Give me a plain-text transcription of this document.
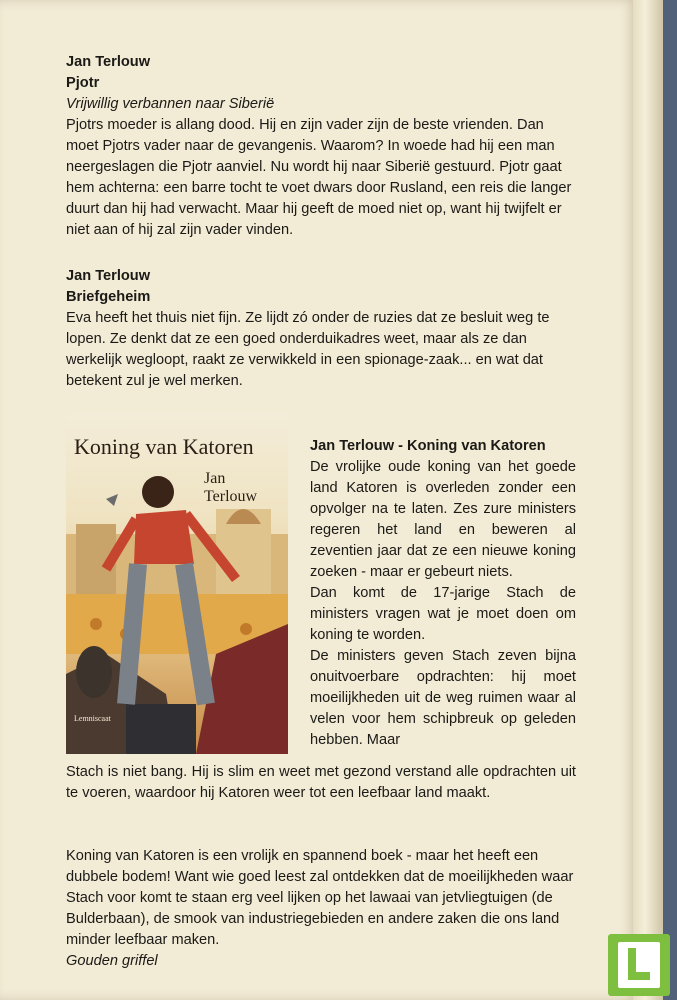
Jan Terlouw
Pjotr
Vrijwillig verbannen naar Siberië

Pjotrs moeder is allang dood. Hij en zijn vader zijn de beste vrienden. Dan moet Pjotrs vader naar de gevangenis. Waarom? In woede had hij een man neergeslagen die Pjotr aanviel. Nu wordt hij naar Siberië gestuurd. Pjotr gaat hem achterna: een barre tocht te voet dwars door Rusland, een reis die langer duurt dan hij had verwacht. Maar hij geeft de moed niet op, want hij twijfelt er niet aan of hij zal zijn vader vinden.

Jan Terlouw
Briefgeheim

Eva heeft het thuis niet fijn. Ze lijdt zó onder de ruzies dat ze besluit weg te lopen. Ze denkt dat ze een goed onderduikadres weet, maar als ze dan werkelijk wegloopt, raakt ze verwikkeld in een spionage-zaak... en wat dat betekent zul je wel merken.

Koning van Katoren
Jan
Terlouw
Lemniscaat
Jan Terlouw - Koning van Katoren

De vrolijke oude koning van het goede land Katoren is overleden zonder een opvolger na te laten. Zes zure ministers regeren het land en beweren al zeventien jaar dat ze een nieuwe koning zoeken - maar er gebeurt niets.

Dan komt de 17-jarige Stach de ministers vragen wat je moet doen om koning te worden.

De ministers geven Stach zeven bijna onuitvoerbare opdrachten: hij moet moeilijkheden uit de weg ruimen waar al velen voor hem schipbreuk op geleden hebben. Maar

Stach is niet bang. Hij is slim en weet met gezond verstand alle opdrachten uit te voeren, waardoor hij Katoren weer tot een leefbaar land maakt.
Koning van Katoren is een vrolijk en spannend boek - maar het heeft een dubbele bodem! Want wie goed leest zal ontdekken dat de moeilijkheden waar Stach voor komt te staan erg veel lijken op het lawaai van jetvliegtuigen (de Bulderbaan), de smook van industriegebieden en andere zaken die ons land minder leefbaar maken.
Gouden griffel
